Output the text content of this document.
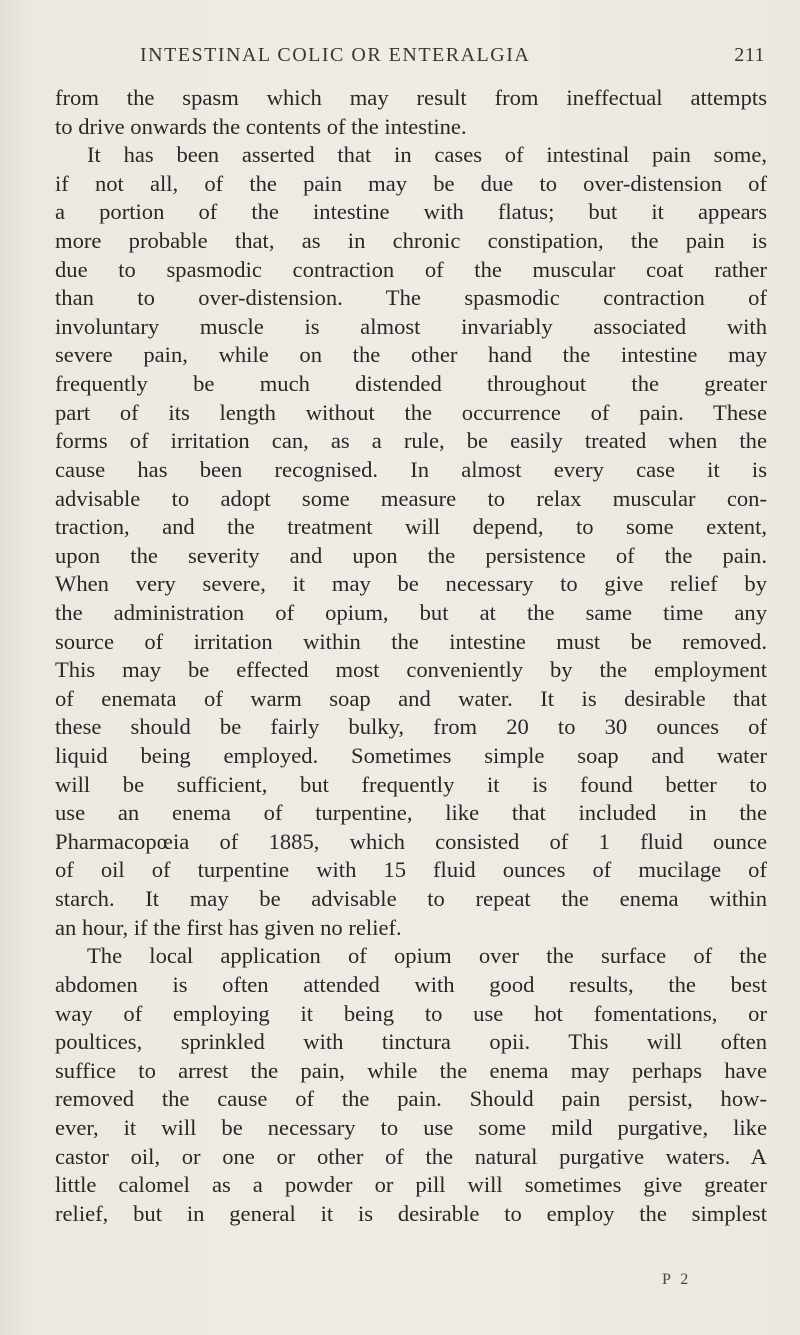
INTESTINAL COLIC OR ENTERALGIA	211
from the spasm which may result from ineffectual attempts
to drive onwards the contents of the intestine.
It has been asserted that in cases of intestinal pain some,
if not all, of the pain may be due to over-distension of
a portion of the intestine with flatus; but it appears
more probable that, as in chronic constipation, the pain is
due to spasmodic contraction of the muscular coat rather
than to over-distension. The spasmodic contraction of
involuntary muscle is almost invariably associated with
severe pain, while on the other hand the intestine may
frequently be much distended throughout the greater
part of its length without the occurrence of pain. These
forms of irritation can, as a rule, be easily treated when the
cause has been recognised. In almost every case it is
advisable to adopt some measure to relax muscular con-
traction, and the treatment will depend, to some extent,
upon the severity and upon the persistence of the pain.
When very severe, it may be necessary to give relief by
the administration of opium, but at the same time any
source of irritation within the intestine must be removed.
This may be effected most conveniently by the employment
of enemata of warm soap and water. It is desirable that
these should be fairly bulky, from 20 to 30 ounces of
liquid being employed. Sometimes simple soap and water
will be sufficient, but frequently it is found better to
use an enema of turpentine, like that included in the
Pharmacopœia of 1885, which consisted of 1 fluid ounce
of oil of turpentine with 15 fluid ounces of mucilage of
starch. It may be advisable to repeat the enema within
an hour, if the first has given no relief.
The local application of opium over the surface of the
abdomen is often attended with good results, the best
way of employing it being to use hot fomentations, or
poultices, sprinkled with tinctura opii. This will often
suffice to arrest the pain, while the enema may perhaps have
removed the cause of the pain. Should pain persist, how-
ever, it will be necessary to use some mild purgative, like
castor oil, or one or other of the natural purgative waters. A
little calomel as a powder or pill will sometimes give greater
relief, but in general it is desirable to employ the simplest
P 2
